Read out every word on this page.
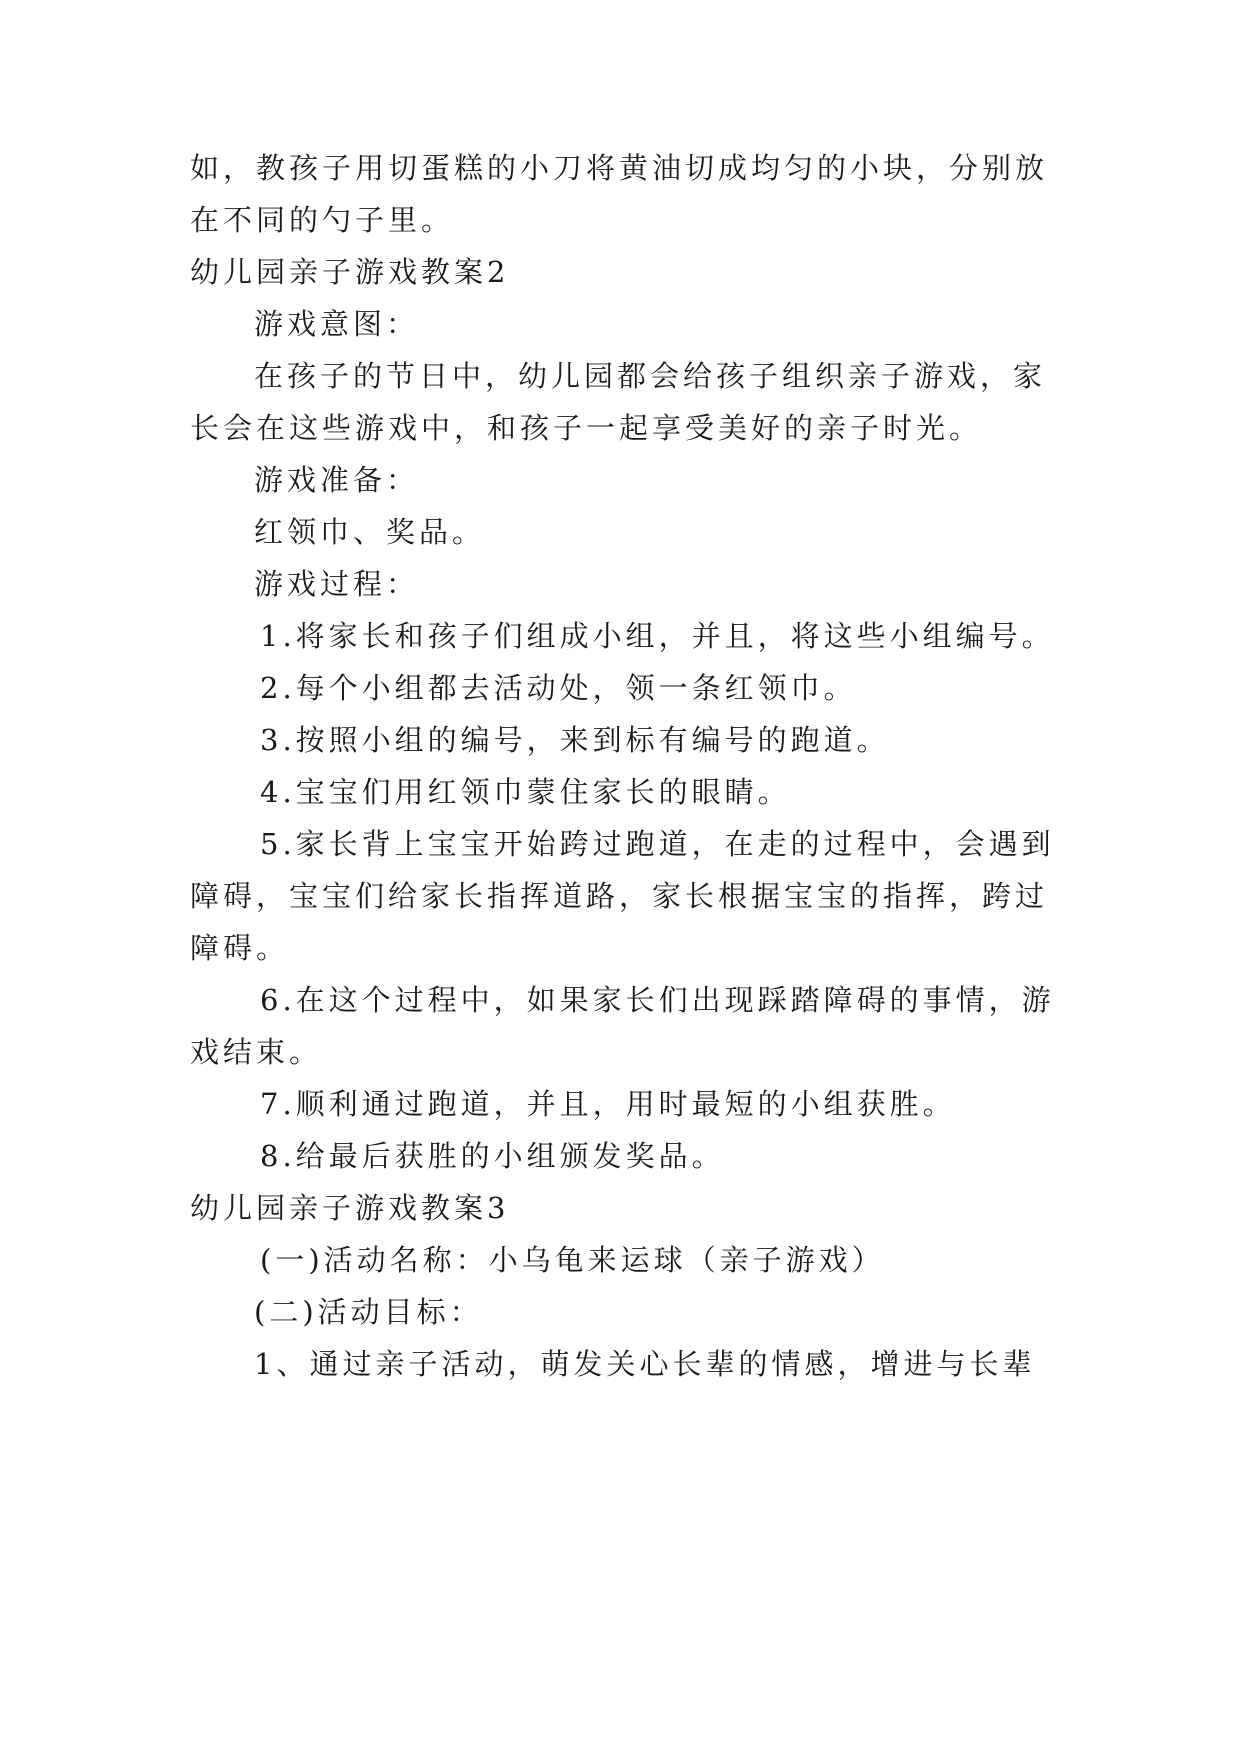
如，教孩子用切蛋糕的小刀将黄油切成均匀的小块，分别放
在不同的勺子里。
幼儿园亲子游戏教案2
游戏意图：
在孩子的节日中，幼儿园都会给孩子组织亲子游戏，家
长会在这些游戏中，和孩子一起享受美好的亲子时光。
游戏准备：
红领巾、奖品。
游戏过程：
1.将家长和孩子们组成小组，并且，将这些小组编号。
2.每个小组都去活动处，领一条红领巾。
3.按照小组的编号，来到标有编号的跑道。
4.宝宝们用红领巾蒙住家长的眼睛。
5.家长背上宝宝开始跨过跑道，在走的过程中，会遇到
障碍，宝宝们给家长指挥道路，家长根据宝宝的指挥，跨过
障碍。
6.在这个过程中，如果家长们出现踩踏障碍的事情，游
戏结束。
7.顺利通过跑道，并且，用时最短的小组获胜。
8.给最后获胜的小组颁发奖品。
幼儿园亲子游戏教案3
(一)活动名称：小乌龟来运球（亲子游戏）
(二)活动目标：
1、通过亲子活动，萌发关心长辈的情感，增进与长辈
